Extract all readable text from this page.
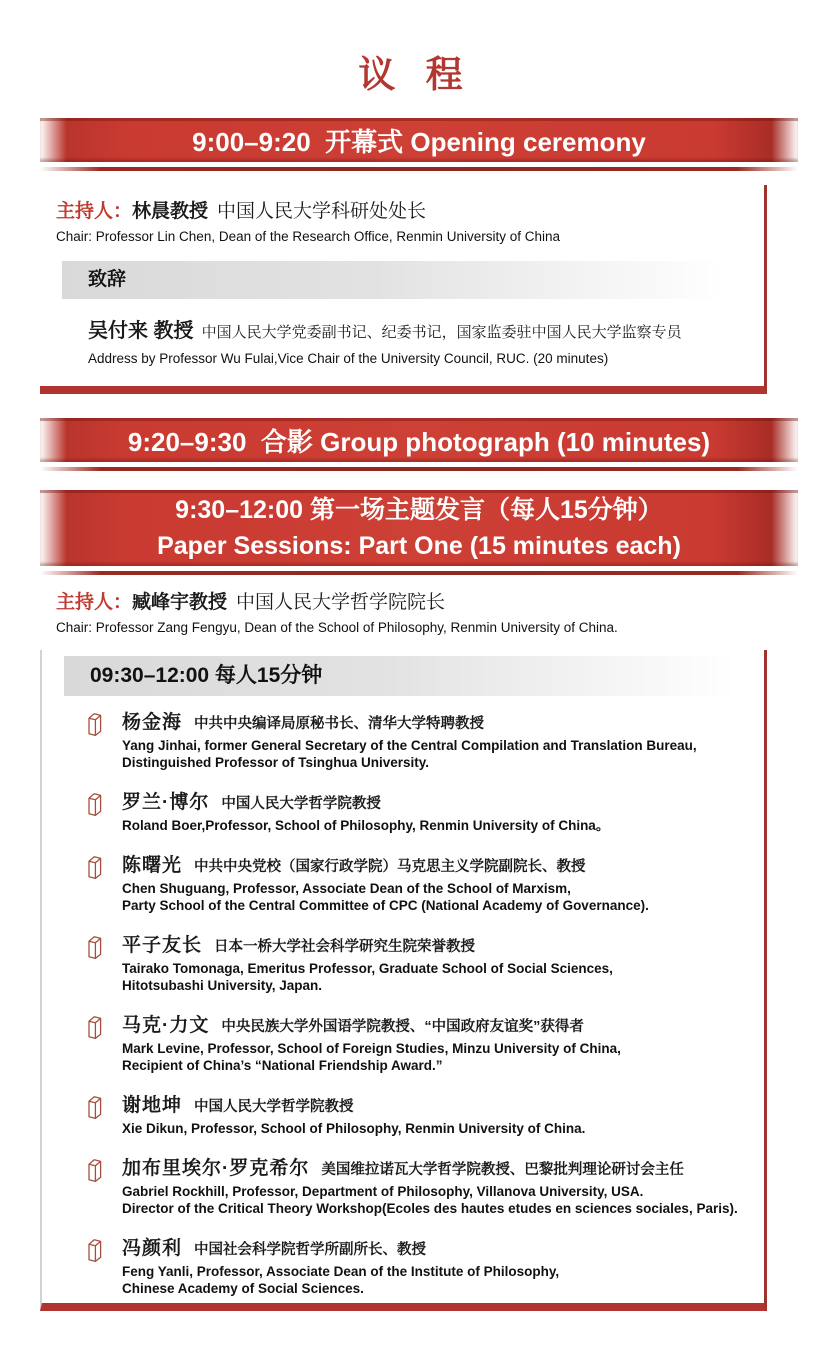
议 程
9:00–9:20  开幕式 Opening ceremony
主持人：林晨教授 中国人民大学科研处处长
Chair: Professor Lin Chen, Dean of the Research Office, Renmin University of China
致辞
吴付来 教授 中国人民大学党委副书记、纪委书记，国家监委驻中国人民大学监察专员
Address by Professor Wu Fulai,Vice Chair of the University Council, RUC. (20 minutes)
9:20–9:30  合影 Group photograph (10 minutes)
9:30–12:00 第一场主题发言（每人15分钟）
Paper Sessions: Part One (15 minutes each)
主持人：臧峰宇教授 中国人民大学哲学院院长
Chair: Professor Zang Fengyu, Dean of the School of Philosophy, Renmin University of China.
09:30–12:00 每人15分钟
杨金海 中共中央编译局原秘书长、清华大学特聘教授
Yang Jinhai, former General Secretary of the Central Compilation and Translation Bureau,
Distinguished Professor of Tsinghua University.
罗兰·博尔 中国人民大学哲学院教授
Roland Boer,Professor, School of Philosophy, Renmin University of China。
陈曙光 中共中央党校（国家行政学院）马克思主义学院副院长、教授
Chen Shuguang, Professor, Associate Dean of the School of Marxism,
Party School of the Central Committee of CPC (National Academy of Governance).
平子友长 日本一桥大学社会科学研究生院荣誉教授
Tairako Tomonaga, Emeritus Professor, Graduate School of Social Sciences,
Hitotsubashi University, Japan.
马克·力文 中央民族大学外国语学院教授、“中国政府友谊奖”获得者
Mark Levine, Professor, School of Foreign Studies, Minzu University of China,
Recipient of China’s “National Friendship Award.”
谢地坤 中国人民大学哲学院教授
Xie Dikun, Professor, School of Philosophy, Renmin University of China.
加布里埃尔·罗克希尔 美国维拉诺瓦大学哲学院教授、巴黎批判理论研讨会主任
Gabriel Rockhill, Professor, Department of Philosophy, Villanova University, USA.
Director of the Critical Theory Workshop(Ecoles des hautes etudes en sciences sociales, Paris).
冯颜利 中国社会科学院哲学所副所长、教授
Feng Yanli, Professor, Associate Dean of the Institute of Philosophy,
Chinese Academy of Social Sciences.
